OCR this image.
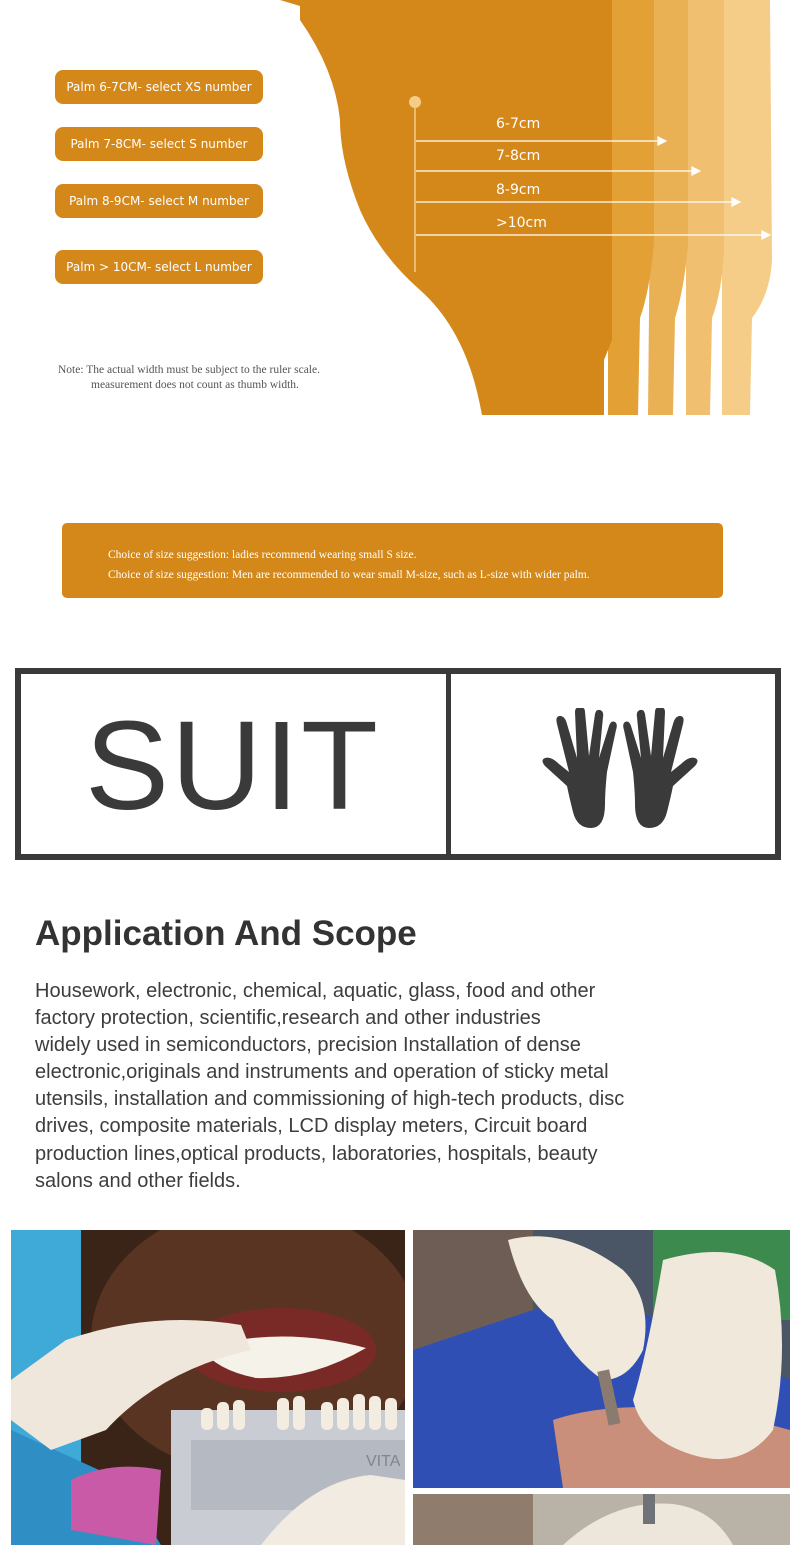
Palm 6-7CM- select XS number
Palm 7-8CM- select S number
Palm 8-9CM- select M number
Palm > 10CM- select L number
6-7cm
7-8cm
8-9cm
>10cm
Note: The actual width must be subject to the ruler scale.
measurement does not count as thumb width.
Choice of size suggestion: ladies recommend wearing small S size.
Choice of size suggestion: Men are recommended to wear small M-size, such as L-size with wider palm.
SUIT
Application And Scope

Housework, electronic, chemical, aquatic, glass, food and other
factory protection, scientific,research and other industries
widely used in semiconductors, precision Installation of dense
electronic,originals and instruments and operation of sticky metal
utensils, installation and commissioning of high-tech products, disc
drives, composite materials, LCD display meters, Circuit board
production lines,optical products, laboratories, hospitals, beauty
salons and other fields.

VITA
